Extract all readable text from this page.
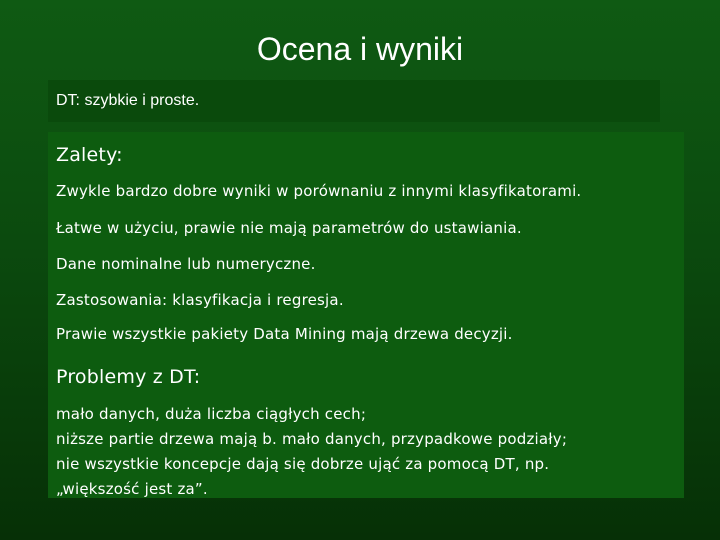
Ocena i wyniki
DT: szybkie i proste.
Zalety:
Zwykle bardzo dobre wyniki w porównaniu z innymi klasyfikatorami.
Łatwe w użyciu, prawie nie mają parametrów do ustawiania.
Dane nominalne lub numeryczne.
Zastosowania: klasyfikacja i regresja.
Prawie wszystkie pakiety Data Mining mają drzewa decyzji.
Problemy z DT:
mało danych, duża liczba ciągłych cech;
niższe partie drzewa mają b. mało danych, przypadkowe podziały;
nie wszystkie koncepcje dają się dobrze ująć za pomocą DT, np.
„większość jest za”.
